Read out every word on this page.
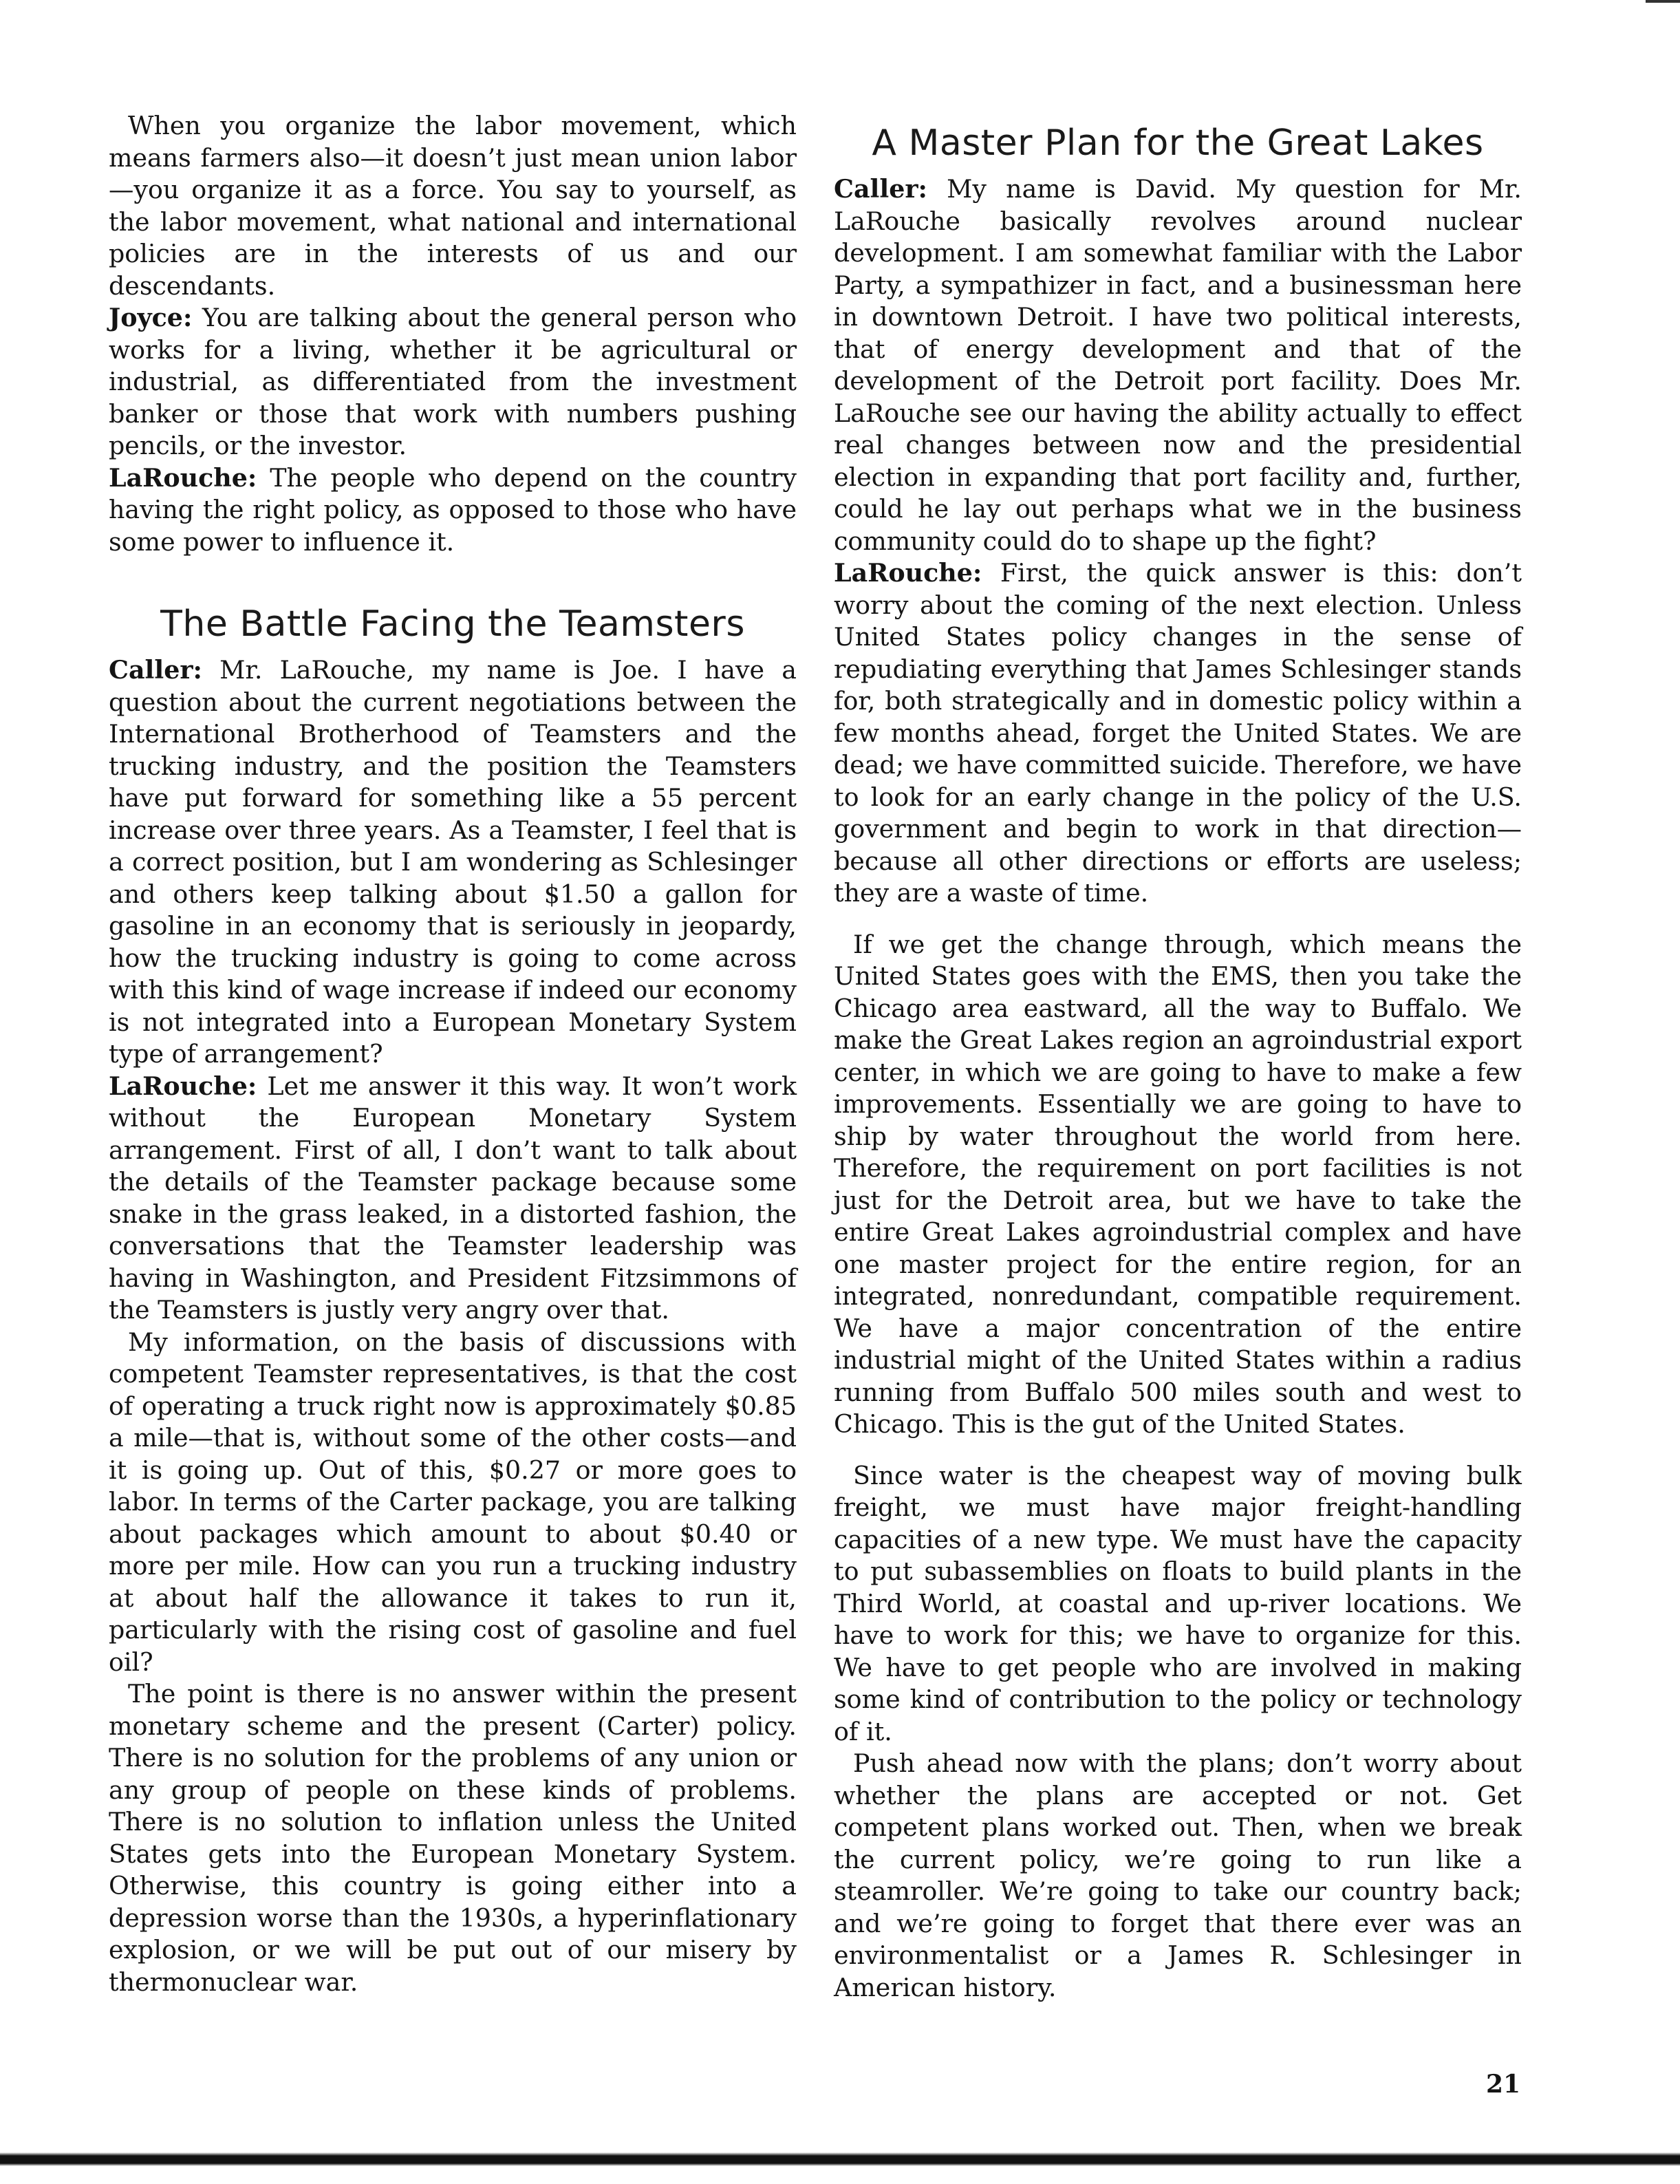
When you organize the labor movement, which means farmers also—it doesn’t just mean union labor—you organize it as a force. You say to yourself, as the labor movement, what national and international policies are in the interests of us and our descendants.

Joyce: You are talking about the general person who works for a living, whether it be agricultural or industrial, as differentiated from the investment banker or those that work with numbers pushing pencils, or the investor.

LaRouche: The people who depend on the country having the right policy, as opposed to those who have some power to influence it.

The Battle Facing the Teamsters

Caller: Mr. LaRouche, my name is Joe. I have a question about the current negotiations between the International Brotherhood of Teamsters and the trucking industry, and the position the Teamsters have put forward for something like a 55 percent increase over three years. As a Teamster, I feel that is a correct position, but I am wondering as Schlesinger and others keep talking about $1.50 a gallon for gasoline in an economy that is seriously in jeopardy, how the trucking industry is going to come across with this kind of wage increase if indeed our economy is not integrated into a European Monetary System type of arrangement?

LaRouche: Let me answer it this way. It won’t work without the European Monetary System arrangement. First of all, I don’t want to talk about the details of the Teamster package because some snake in the grass leaked, in a distorted fashion, the conversations that the Teamster leadership was having in Washington, and President Fitzsimmons of the Teamsters is justly very angry over that.

My information, on the basis of discussions with competent Teamster representatives, is that the cost of operating a truck right now is approximately $0.85 a mile—that is, without some of the other costs—and it is going up. Out of this, $0.27 or more goes to labor. In terms of the Carter package, you are talking about packages which amount to about $0.40 or more per mile. How can you run a trucking industry at about half the allowance it takes to run it, particularly with the rising cost of gasoline and fuel oil?

The point is there is no answer within the present monetary scheme and the present (Carter) policy. There is no solution for the problems of any union or any group of people on these kinds of problems. There is no solution to inflation unless the United States gets into the European Monetary System. Otherwise, this country is going either into a depression worse than the 1930s, a hyperinflationary explosion, or we will be put out of our misery by thermonuclear war.

A Master Plan for the Great Lakes

Caller: My name is David. My question for Mr. LaRouche basically revolves around nuclear development. I am somewhat familiar with the Labor Party, a sympathizer in fact, and a businessman here in downtown Detroit. I have two political interests, that of energy development and that of the development of the Detroit port facility. Does Mr. LaRouche see our having the ability actually to effect real changes between now and the presidential election in expanding that port facility and, further, could he lay out perhaps what we in the business community could do to shape up the fight?

LaRouche: First, the quick answer is this: don’t worry about the coming of the next election. Unless United States policy changes in the sense of repudiating everything that James Schlesinger stands for, both strategically and in domestic policy within a few months ahead, forget the United States. We are dead; we have committed suicide. Therefore, we have to look for an early change in the policy of the U.S. government and begin to work in that direction—because all other directions or efforts are useless; they are a waste of time.

If we get the change through, which means the United States goes with the EMS, then you take the Chicago area eastward, all the way to Buffalo. We make the Great Lakes region an agroindustrial export center, in which we are going to have to make a few improvements. Essentially we are going to have to ship by water throughout the world from here. Therefore, the requirement on port facilities is not just for the Detroit area, but we have to take the entire Great Lakes agroindustrial complex and have one master project for the entire region, for an integrated, nonredundant, compatible requirement. We have a major concentration of the entire industrial might of the United States within a radius running from Buffalo 500 miles south and west to Chicago. This is the gut of the United States.

Since water is the cheapest way of moving bulk freight, we must have major freight-handling capacities of a new type. We must have the capacity to put subassemblies on floats to build plants in the Third World, at coastal and up-river locations. We have to work for this; we have to organize for this. We have to get people who are involved in making some kind of contribution to the policy or technology of it.

Push ahead now with the plans; don’t worry about whether the plans are accepted or not. Get competent plans worked out. Then, when we break the current policy, we’re going to run like a steamroller. We’re going to take our country back; and we’re going to forget that there ever was an environmentalist or a James R. Schlesinger in American history.

21
